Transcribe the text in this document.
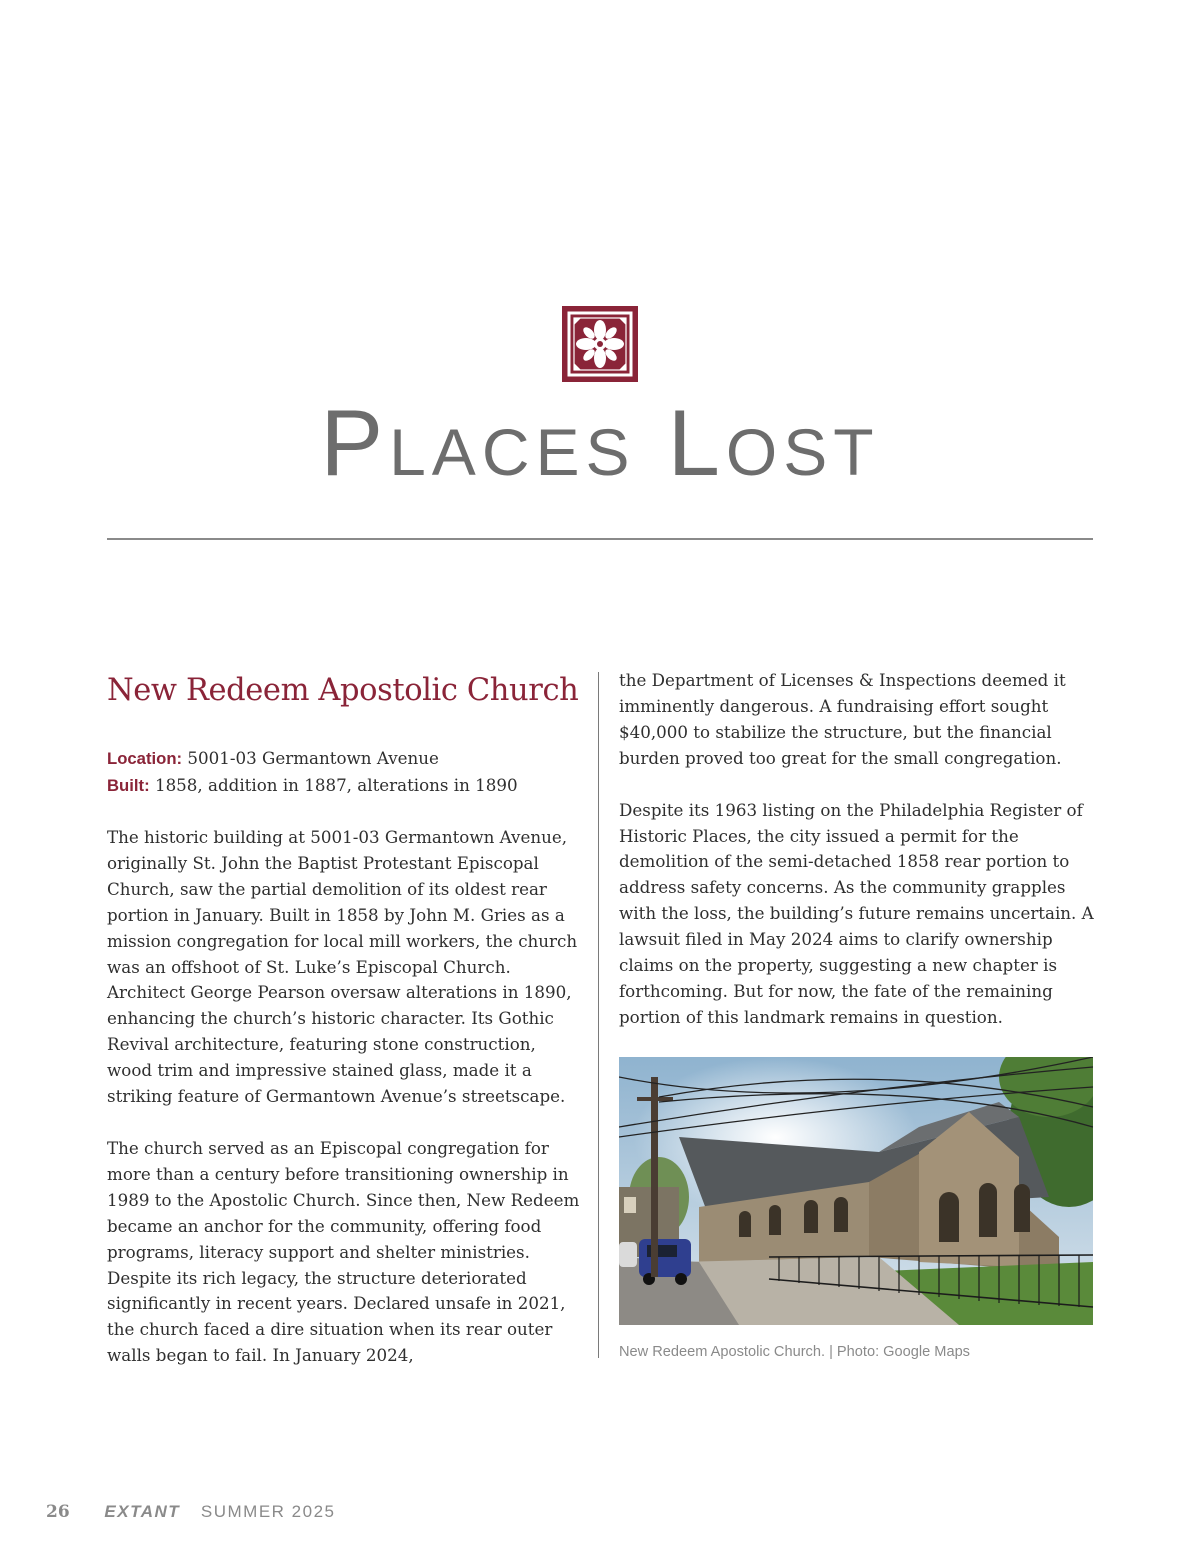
Places Lost
New Redeem Apostolic Church
Location: 5001-03 Germantown Avenue
Built: 1858, addition in 1887, alterations in 1890

The historic building at 5001-03 Germantown Avenue, originally St. John the Baptist Protestant Episcopal Church, saw the partial demolition of its oldest rear portion in January. Built in 1858 by John M. Gries as a mission congregation for local mill workers, the church was an offshoot of St. Luke’s Episcopal Church. Architect George Pearson oversaw alterations in 1890, enhancing the church’s historic character. Its Gothic Revival architecture, featuring stone construction, wood trim and impressive stained glass, made it a striking feature of Germantown Avenue’s streetscape.

The church served as an Episcopal congregation for more than a century before transitioning ownership in 1989 to the Apostolic Church. Since then, New Redeem became an anchor for the community, offering food programs, literacy support and shelter ministries. Despite its rich legacy, the structure deteriorated significantly in recent years. Declared unsafe in 2021, the church faced a dire situation when its rear outer walls began to fail. In January 2024,

the Department of Licenses & Inspections deemed it imminently dangerous. A fundraising effort sought $40,000 to stabilize the structure, but the financial burden proved too great for the small congregation.

Despite its 1963 listing on the Philadelphia Register of Historic Places, the city issued a permit for the demolition of the semi-detached 1858 rear portion to address safety concerns. As the community grapples with the loss, the building’s future remains uncertain. A lawsuit filed in May 2024 aims to clarify ownership claims on the property, suggesting a new chapter is forthcoming. But for now, the fate of the remaining portion of this landmark remains in question.

New Redeem Apostolic Church. | Photo: Google Maps
26 EXTANT SUMMER 2025
